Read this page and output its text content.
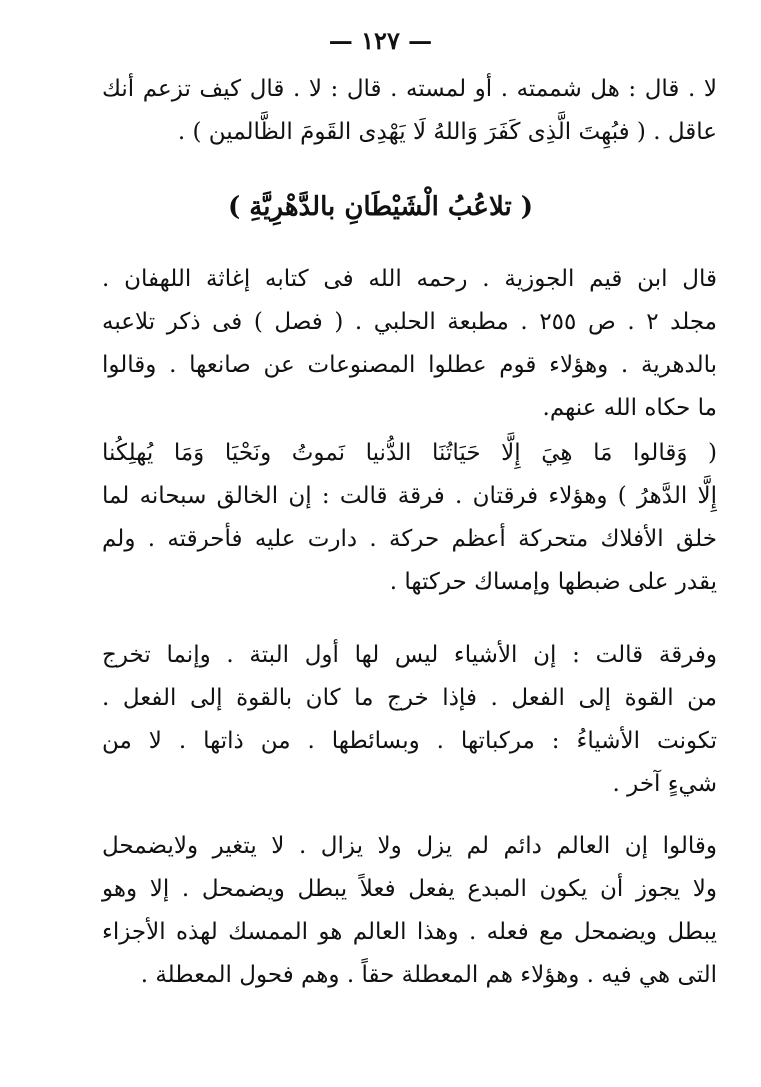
— ١٢٧ —
لا . قال : هل شممته . أو لمسته . قال : لا . قال كيف تزعم أنك
عاقل . ( فبُهِتَ الَّذِى كَفَرَ وَاللهُ لَا يَهْدِى القَومَ الظَّالمين ) .
( تلاعُبُ الْشَيْطَانِ بالدَّهْرِيَّةِ )
قال ابن قيم الجوزية . رحمه الله فى كتابه إغاثة اللهفان .
مجلد ٢ . ص ٢٥٥ . مطبعة الحلبي . ( فصل ) فى ذكر تلاعبه
بالدهرية . وهؤلاء قوم عطلوا المصنوعات عن صانعها . وقالوا
ما حكاه الله عنهم.
( وَقالوا مَا هِيَ إِلَّا حَيَاتُنَا الدُّنيا نَموتُ ونَحْيَا وَمَا يُهلِكُنا
إِلَّا الدَّهرُ ) وهؤلاء فرقتان . فرقة قالت : إن الخالق سبحانه لما
خلق الأفلاك متحركة أعظم حركة . دارت عليه فأحرقته . ولم
يقدر على ضبطها وإمساك حركتها .
وفرقة قالت : إن الأشياء ليس لها أول البتة . وإنما تخرج
من القوة إلى الفعل . فإذا خرج ما كان بالقوة إلى الفعل .
تكونت الأشياءُ : مركباتها . وبسائطها . من ذاتها . لا من
شيءٍ آخر .
وقالوا إن العالم دائم لم يزل ولا يزال . لا يتغير ولايضمحل
ولا يجوز أن يكون المبدع يفعل فعلاً يبطل ويضمحل . إلا وهو
يبطل ويضمحل مع فعله . وهذا العالم هو الممسك لهذه الأجزاء
التى هي فيه . وهؤلاء هم المعطلة حقاً . وهم فحول المعطلة .
